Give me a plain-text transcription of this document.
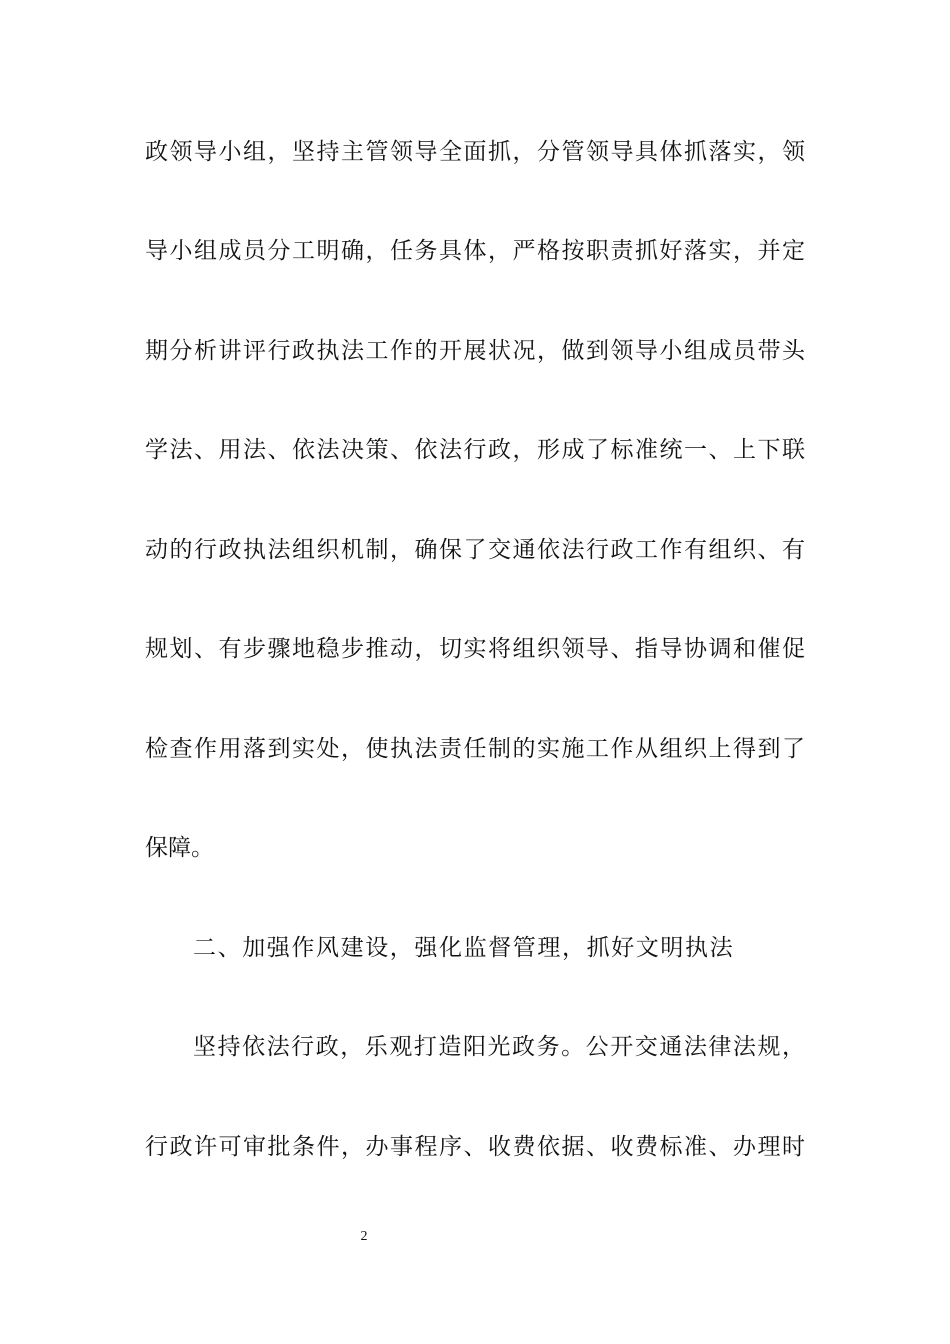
政领导小组，坚持主管领导全面抓，分管领导具体抓落实，领
导小组成员分工明确，任务具体，严格按职责抓好落实，并定
期分析讲评行政执法工作的开展状况，做到领导小组成员带头
学法、用法、依法决策、依法行政，形成了标准统一、上下联
动的行政执法组织机制，确保了交通依法行政工作有组织、有
规划、有步骤地稳步推动，切实将组织领导、指导协调和催促
检查作用落到实处，使执法责任制的实施工作从组织上得到了
保障。
二、加强作风建设，强化监督管理，抓好文明执法
坚持依法行政，乐观打造阳光政务。公开交通法律法规，
行政许可审批条件，办事程序、收费依据、收费标准、办理时
2
